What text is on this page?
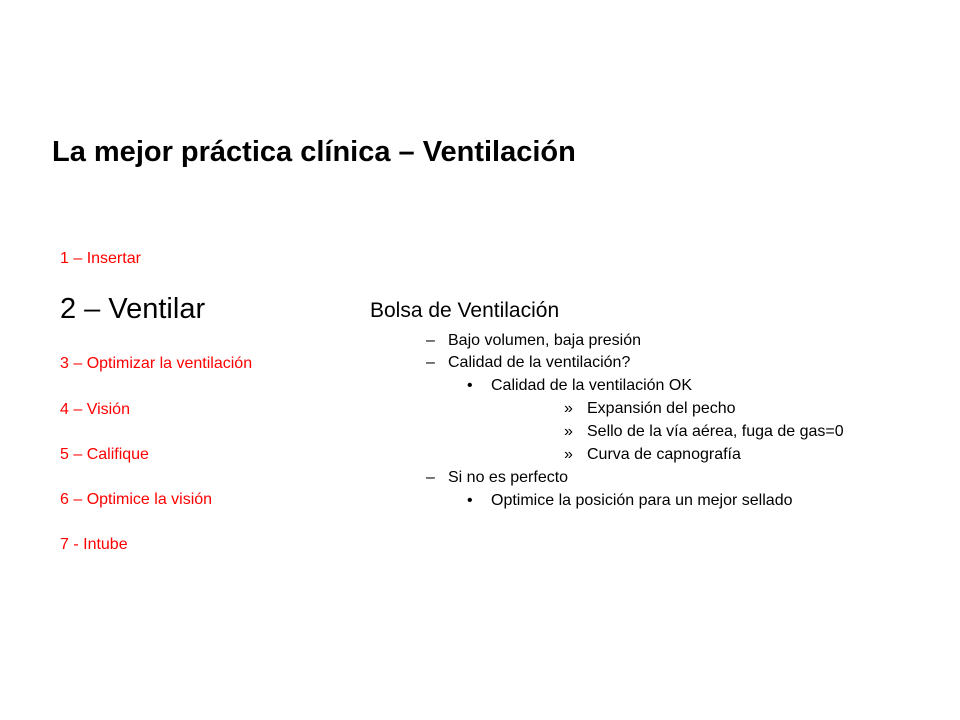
La mejor práctica clínica – Ventilación
1 – Insertar
2 – Ventilar
3 – Optimizar la ventilación
4 – Visión
5 – Califique
6 – Optimice la visión
7 - Intube
Bolsa de Ventilación
– Bajo volumen, baja presión
– Calidad de la ventilación?
• Calidad de la ventilación OK
» Expansión del pecho
» Sello de la vía aérea, fuga de gas=0
» Curva de capnografía
– Si no es perfecto
• Optimice la posición para un mejor sellado
